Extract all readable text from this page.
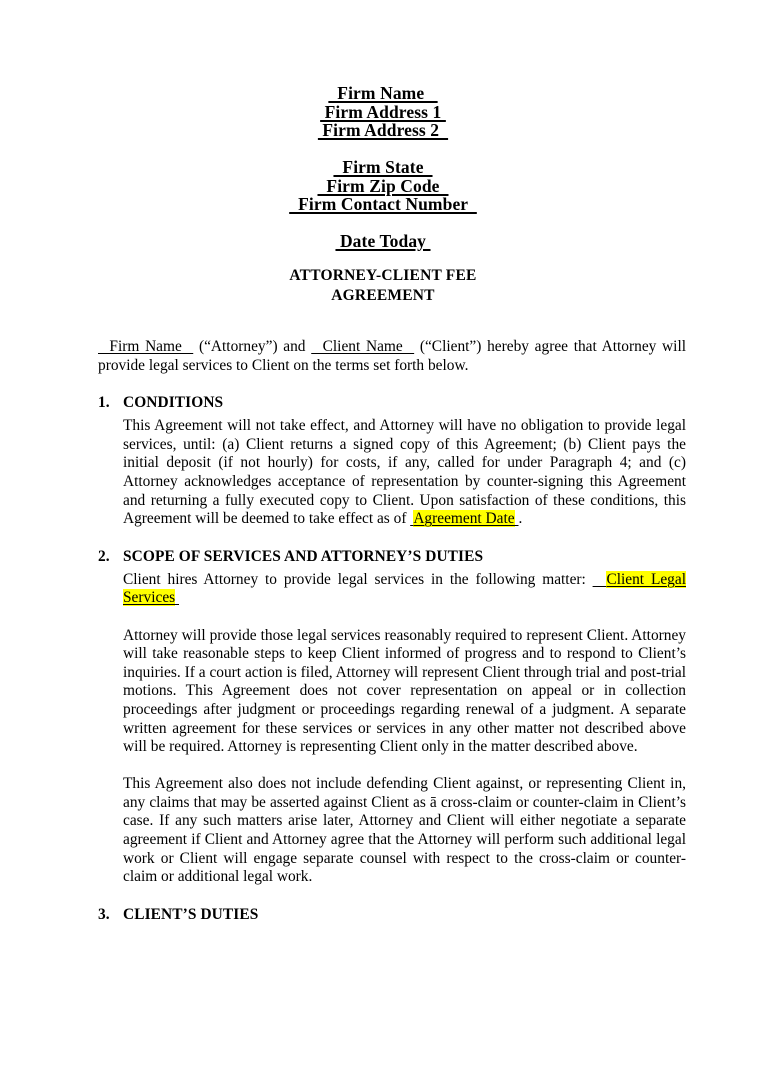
Firm Name
Firm Address 1
Firm Address 2
Firm State
Firm Zip Code
Firm Contact Number
Date Today
ATTORNEY-CLIENT FEE
AGREEMENT

Firm Name   (“Attorney”) and   Client Name   (“Client”) hereby agree that Attorney will provide legal services to Client on the terms set forth below.

1. CONDITIONS

This Agreement will not take effect, and Attorney will have no obligation to provide legal services, until: (a) Client returns a signed copy of this Agreement; (b) Client pays the initial deposit (if not hourly) for costs, if any, called for under Paragraph 4; and (c) Attorney acknowledges acceptance of representation by counter-signing this Agreement and returning a fully executed copy to Client. Upon satisfaction of these conditions, this Agreement will be deemed to take effect as of  Agreement Date .

2. SCOPE OF SERVICES AND ATTORNEY’S DUTIES

Client hires Attorney to provide legal services in the following matter:   Client Legal Services

Attorney will provide those legal services reasonably required to represent Client. Attorney will take reasonable steps to keep Client informed of progress and to respond to Client’s inquiries. If a court action is filed, Attorney will represent Client through trial and post-trial motions. This Agreement does not cover representation on appeal or in collection proceedings after judgment or proceedings regarding renewal of a judgment. A separate written agreement for these services or services in any other matter not described above will be required. Attorney is representing Client only in the matter described above.

This Agreement also does not include defending Client against, or representing Client in, any claims that may be asserted against Client as ā cross-claim or counter-claim in Client’s case. If any such matters arise later, Attorney and Client will either negotiate a separate agreement if Client and Attorney agree that the Attorney will perform such additional legal work or Client will engage separate counsel with respect to the cross-claim or counter-claim or additional legal work.

3. CLIENT’S DUTIES
